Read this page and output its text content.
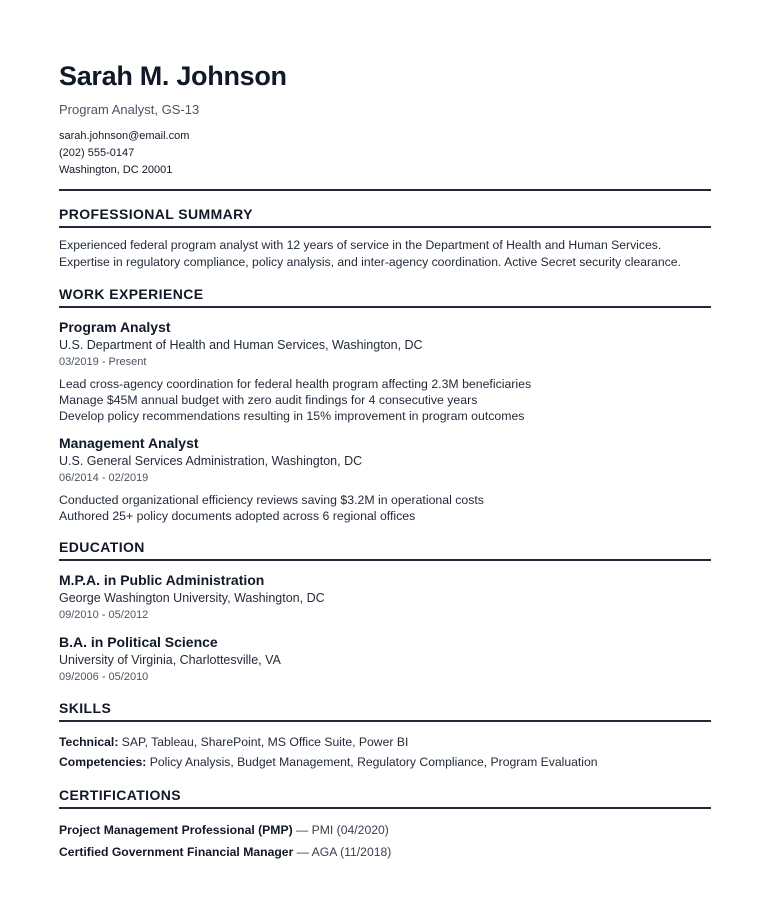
Sarah M. Johnson
Program Analyst, GS-13
sarah.johnson@email.com
(202) 555-0147
Washington, DC 20001
PROFESSIONAL SUMMARY
Experienced federal program analyst with 12 years of service in the Department of Health and Human Services.
Expertise in regulatory compliance, policy analysis, and inter-agency coordination. Active Secret security clearance.
WORK EXPERIENCE
Program Analyst
U.S. Department of Health and Human Services, Washington, DC
03/2019 - Present
Lead cross-agency coordination for federal health program affecting 2.3M beneficiaries
Manage $45M annual budget with zero audit findings for 4 consecutive years
Develop policy recommendations resulting in 15% improvement in program outcomes
Management Analyst
U.S. General Services Administration, Washington, DC
06/2014 - 02/2019
Conducted organizational efficiency reviews saving $3.2M in operational costs
Authored 25+ policy documents adopted across 6 regional offices
EDUCATION
M.P.A. in Public Administration
George Washington University, Washington, DC
09/2010 - 05/2012
B.A. in Political Science
University of Virginia, Charlottesville, VA
09/2006 - 05/2010
SKILLS
Technical: SAP, Tableau, SharePoint, MS Office Suite, Power BI
Competencies: Policy Analysis, Budget Management, Regulatory Compliance, Program Evaluation
CERTIFICATIONS
Project Management Professional (PMP) — PMI (04/2020)
Certified Government Financial Manager — AGA (11/2018)
